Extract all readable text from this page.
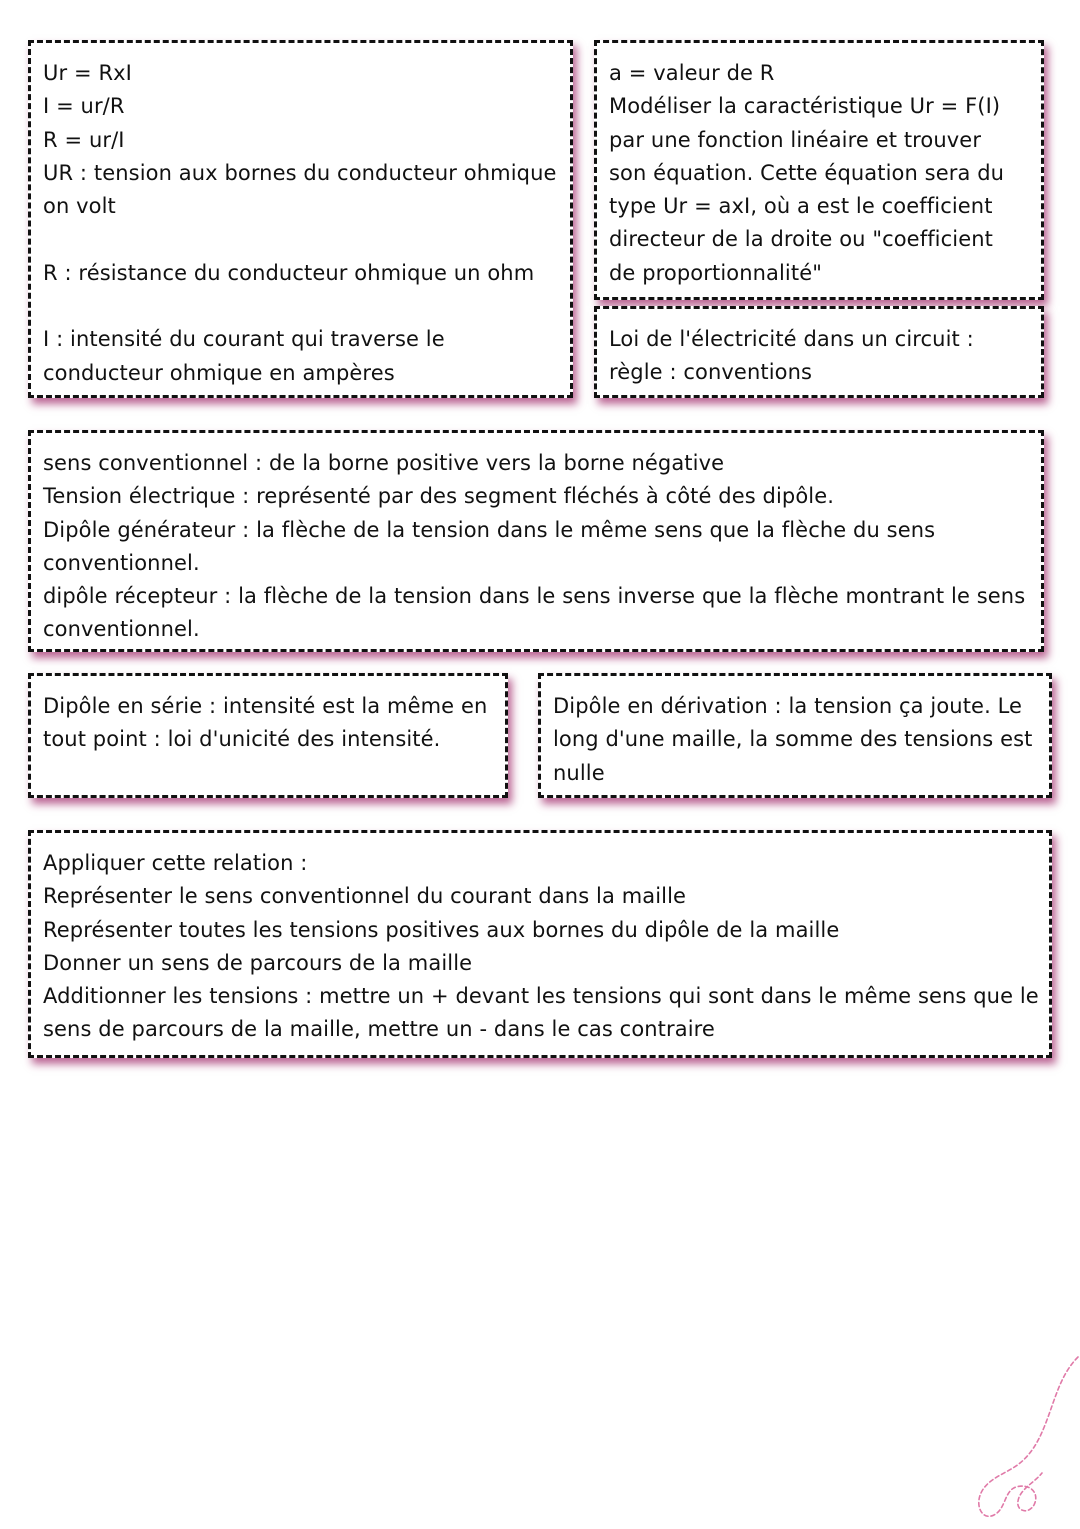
Ur = RxI
I = ur/R
R = ur/I
UR : tension aux bornes du conducteur ohmique
on volt
R : résistance du conducteur ohmique un ohm
I : intensité du courant qui traverse le
conducteur ohmique en ampères
a = valeur de R
Modéliser la caractéristique Ur = F(I)
par une fonction linéaire et trouver
son équation. Cette équation sera du
type Ur = axI, où a est le coefficient
directeur de la droite ou "coefficient
de proportionnalité"
Loi de l'électricité dans un circuit :
règle : conventions
sens conventionnel : de la borne positive vers la borne négative
Tension électrique : représenté par des segment fléchés à côté des dipôle.
Dipôle générateur : la flèche de la tension dans le même sens que la flèche du sens
conventionnel.
dipôle récepteur : la flèche de la tension dans le sens inverse que la flèche montrant le sens
conventionnel.
Dipôle en série : intensité est la même en
tout point : loi d'unicité des intensité.
Dipôle en dérivation : la tension ça joute. Le
long d'une maille, la somme des tensions est
nulle
Appliquer cette relation :
Représenter le sens conventionnel du courant dans la maille
Représenter toutes les tensions positives aux bornes du dipôle de la maille
Donner un sens de parcours de la maille
Additionner les tensions : mettre un + devant les tensions qui sont dans le même sens que le
sens de parcours de la maille, mettre un - dans le cas contraire
